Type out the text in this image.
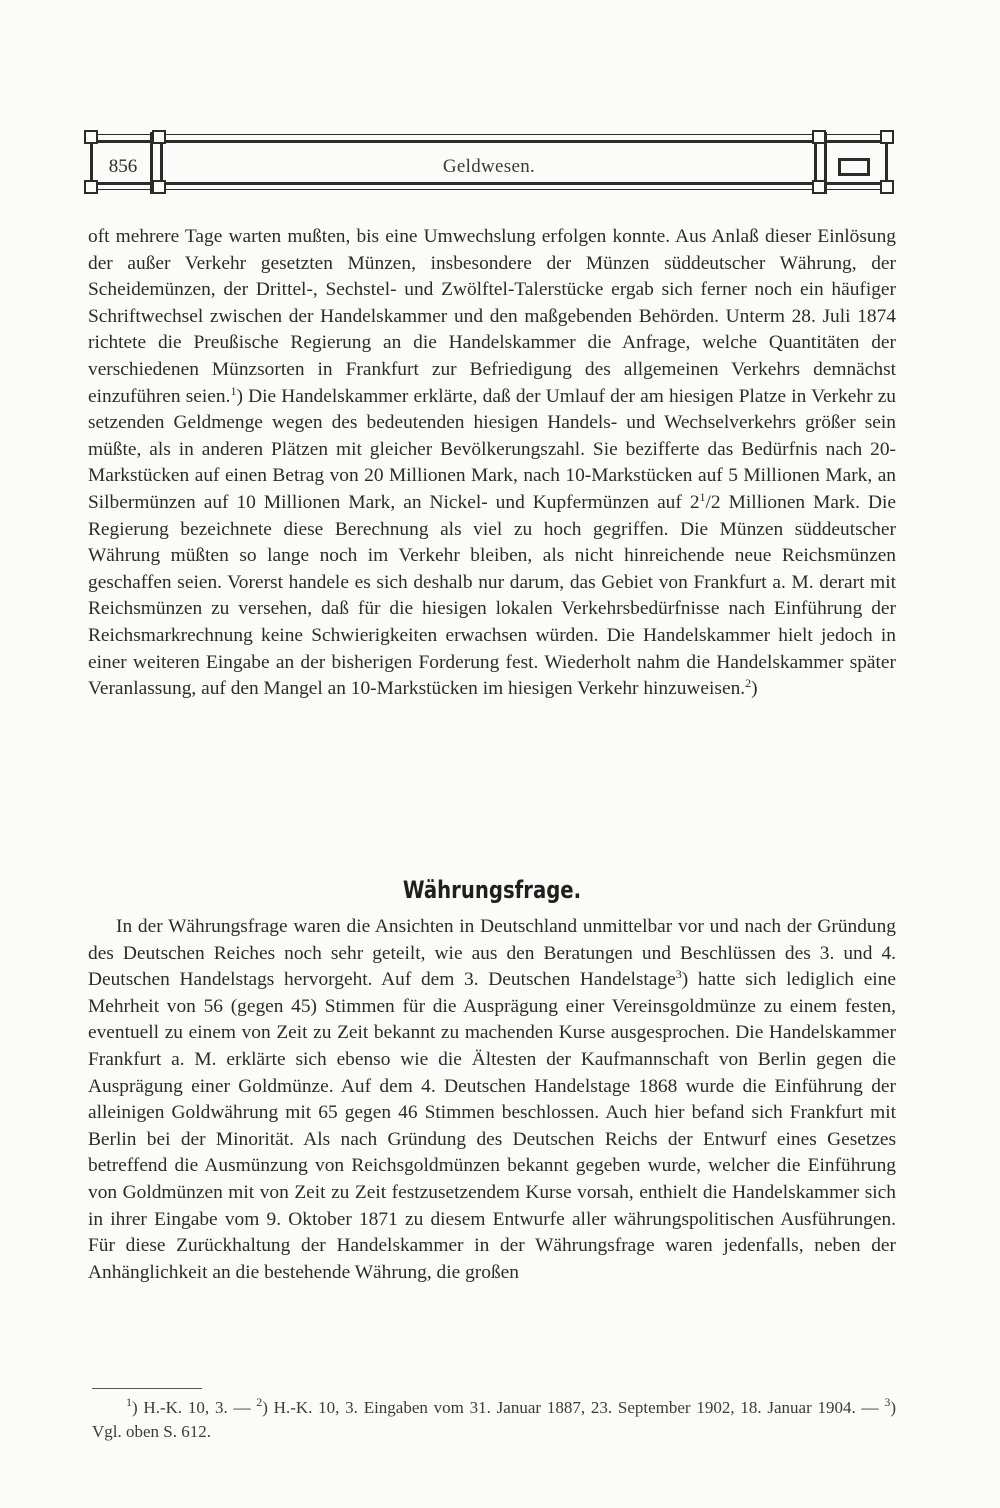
856	Geldwesen.

oft mehrere Tage warten mußten, bis eine Umwechslung erfolgen konnte. Aus Anlaß dieser Einlösung der außer Verkehr gesetzten Münzen, insbesondere der Münzen süddeutscher Währung, der Scheidemünzen, der Drittel-, Sechstel- und Zwölftel-Talerstücke ergab sich ferner noch ein häufiger Schriftwechsel zwischen der Handelskammer und den maßgebenden Behörden. Unterm 28. Juli 1874 richtete die Preußische Regierung an die Handelskammer die Anfrage, welche Quantitäten der verschiedenen Münzsorten in Frankfurt zur Befriedigung des allgemeinen Verkehrs demnächst einzuführen seien.$^1$) Die Handelskammer erklärte, daß der Umlauf der am hiesigen Platze in Verkehr zu setzenden Geldmenge wegen des bedeutenden hiesigen Handels- und Wechselverkehrs größer sein müßte, als in anderen Plätzen mit gleicher Bevölkerungszahl. Sie bezifferte das Bedürfnis nach 20-Markstücken auf einen Betrag von 20 Millionen Mark, nach 10-Markstücken auf 5 Millionen Mark, an Silbermünzen auf 10 Millionen Mark, an Nickel- und Kupfermünzen auf $2^1/2$ Millionen Mark. Die Regierung bezeichnete diese Berechnung als viel zu hoch gegriffen. Die Münzen süddeutscher Währung müßten so lange noch im Verkehr bleiben, als nicht hinreichende neue Reichsmünzen geschaffen seien. Vorerst handele es sich deshalb nur darum, das Gebiet von Frankfurt a. M. derart mit Reichsmünzen zu versehen, daß für die hiesigen lokalen Verkehrsbedürfnisse nach Einführung der Reichsmarkrechnung keine Schwierigkeiten erwachsen würden. Die Handelskammer hielt jedoch in einer weiteren Eingabe an der bisherigen Forderung fest. Wiederholt nahm die Handelskammer später Veranlassung, auf den Mangel an 10-Markstücken im hiesigen Verkehr hinzuweisen.$^2$)

Währungsfrage.

In der Währungsfrage waren die Ansichten in Deutschland unmittelbar vor und nach der Gründung des Deutschen Reiches noch sehr geteilt, wie aus den Beratungen und Beschlüssen des 3. und 4. Deutschen Handelstags hervorgeht. Auf dem 3. Deutschen Handelstage$^3$) hatte sich lediglich eine Mehrheit von 56 (gegen 45) Stimmen für die Ausprägung einer Vereinsgoldmünze zu einem festen, eventuell zu einem von Zeit zu Zeit bekannt zu machenden Kurse ausgesprochen. Die Handelskammer Frankfurt a. M. erklärte sich ebenso wie die Ältesten der Kaufmannschaft von Berlin gegen die Ausprägung einer Goldmünze. Auf dem 4. Deutschen Handelstage 1868 wurde die Einführung der alleinigen Goldwährung mit 65 gegen 46 Stimmen beschlossen. Auch hier befand sich Frankfurt mit Berlin bei der Minorität. Als nach Gründung des Deutschen Reichs der Entwurf eines Gesetzes betreffend die Ausmünzung von Reichsgoldmünzen bekannt gegeben wurde, welcher die Einführung von Goldmünzen mit von Zeit zu Zeit festzusetzendem Kurse vorsah, enthielt die Handelskammer sich in ihrer Eingabe vom 9. Oktober 1871 zu diesem Entwurfe aller währungspolitischen Ausführungen. Für diese Zurückhaltung der Handelskammer in der Währungsfrage waren jedenfalls, neben der Anhänglichkeit an die bestehende Währung, die großen

$^1$) H.-K. 10, 3. — $^2$) H.-K. 10, 3. Eingaben vom 31. Januar 1887, 23. September 1902, 18. Januar 1904. — $^3$) Vgl. oben S. 612.
